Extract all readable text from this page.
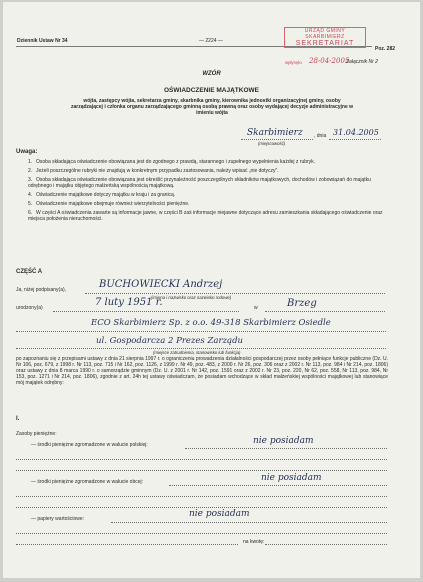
Dziennik Ustaw Nr 34	— 2224 —
Poz. 282
URZĄD GMINY SKARBIMIERZ
SEKRETARIAT
wpłynęło 28-04-2005
Załącznik Nr 2
WZÓR
OŚWIADCZENIE MAJĄTKOWE
wójta, zastępcy wójta, sekretarza gminy, skarbnika gminy, kierownika jednostki organizacyjnej gminy, osoby zarządzającej i członka organu zarządzającego gminną osobą prawną oraz osoby wydającej decyzje administracyjne w imieniu wójta
Skarbimierz , dnia 31.04.2005
(miejscowość)
Uwaga:
1. Osoba składająca oświadczenie obowiązana jest do zgodnego z prawdą, starannego i zupełnego wypełnienia każdej z rubryk.
2. Jeżeli poszczególne rubryki nie znajdują w konkretnym przypadku zastosowania, należy wpisać „nie dotyczy”.
3. Osoba składająca oświadczenie obowiązana jest określić przynależność poszczególnych składników majątkowych, dochodów i zobowiązań do majątku odrębnego i majątku objętego małżeńską wspólnością majątkową.
4. Oświadczenie majątkowe dotyczy majątku w kraju i za granicą.
5. Oświadczenie majątkowe obejmuje również wierzytelności pieniężne.
6. W części A oświadczenia zawarte są informacje jawne, w części B zaś informacje niejawne dotyczące adresu zamieszkania składającego oświadczenie oraz miejsca położenia nieruchomości.
CZĘŚĆ A
Ja, niżej podpisany(a),	BUCHOWIECKI Andrzej
(imiona i nazwisko oraz nazwisko rodowe)
urodzony(a)	7 luty 1951 r.	w	Brzeg
ECO Skarbimierz Sp. z o.o. 49-318 Skarbimierz Osiedle
ul. Gospodarcza 2 Prezes Zarządu
(miejsce zatrudnienia, stanowisko lub funkcja)
po zapoznaniu się z przepisami ustawy z dnia 21 sierpnia 1997 r. o ograniczeniu prowadzenia działalności gospodarczej przez osoby pełniące funkcje publiczne (Dz. U. Nr 106, poz. 679, z 1998 r. Nr 113, poz. 715 i Nr 162, poz. 1126, z 1999 r. Nr 49, poz. 483, z 2000 r. Nr 26, poz. 306 oraz z 2002 r. Nr 113, poz. 984 i Nr 214, poz. 1806) oraz ustawy z dnia 8 marca 1990 r. o samorządzie gminnym (Dz. U. z 2001 r. Nr 142, poz. 1591 oraz z 2002 r. Nr 23, poz. 220, Nr 62, poz. 558, Nr 113, poz. 984, Nr 153, poz. 1271 i Nr 214, poz. 1806), zgodnie z art. 24h tej ustawy oświadczam, że posiadam wchodzące w skład małżeńskiej wspólności majątkowej lub stanowiące mój majątek odrębny:
I.
Zasoby pieniężne:
— środki pieniężne zgromadzone w walucie polskiej:	nie posiadam
— środki pieniężne zgromadzone w walucie obcej:	nie posiadam
— papiery wartościowe:	nie posiadam
na kwotę:
